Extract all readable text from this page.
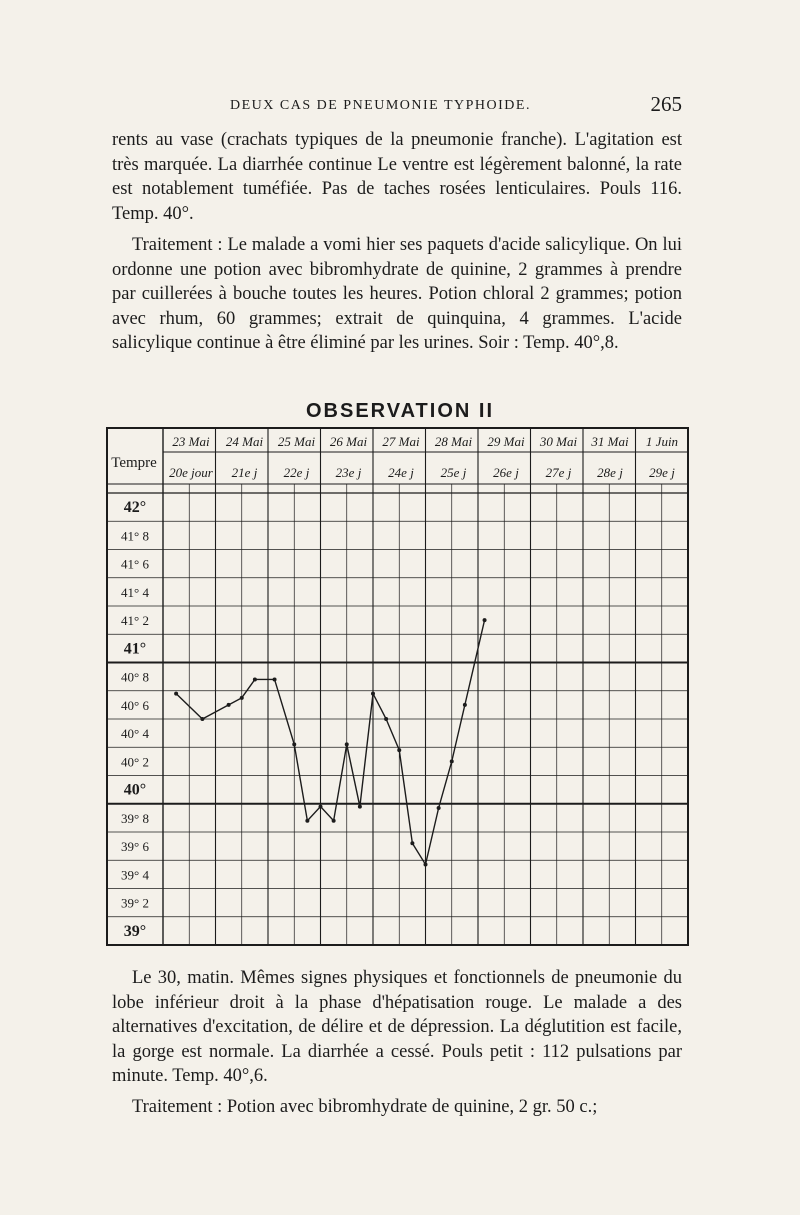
DEUX CAS DE PNEUMONIE TYPHOIDE.	265

rents au vase (crachats typiques de la pneumonie franche). L'agitation est très marquée. La diarrhée continue Le ventre est légèrement balonné, la rate est notablement tuméfiée. Pas de taches rosées lenticulaires. Pouls 116. Temp. 40°.

Traitement : Le malade a vomi hier ses paquets d'acide salicylique. On lui ordonne une potion avec bibromhydrate de quinine, 2 grammes à prendre par cuillerées à bouche toutes les heures. Potion chloral 2 grammes; potion avec rhum, 60 grammes; extrait de quinquina, 4 grammes. L'acide salicylique continue à être éliminé par les urines. Soir : Temp. 40°,8.

OBSERVATION II
42°
41° 8
41° 6
41° 4
41° 2
41°
40° 8
40° 6
40° 4
40° 2
40°
39° 8
39° 6
39° 4
39° 2
39°
Tempre
23 Mai 24 Mai 25 Mai 26 Mai 27 Mai 28 Mai 29 Mai 30 Mai 31 Mai 1 Juin
20e jour 21e j 22e j 23e j 24e j 25e j 26e j 27e j 28e j 29e j

Le 30, matin. Mêmes signes physiques et fonctionnels de pneumonie du lobe inférieur droit à la phase d'hépatisation rouge. Le malade a des alternatives d'excitation, de délire et de dépression. La déglutition est facile, la gorge est normale. La diarrhée a cessé. Pouls petit : 112 pulsations par minute. Temp. 40°,6.

Traitement : Potion avec bibromhydrate de quinine, 2 gr. 50 c.;
